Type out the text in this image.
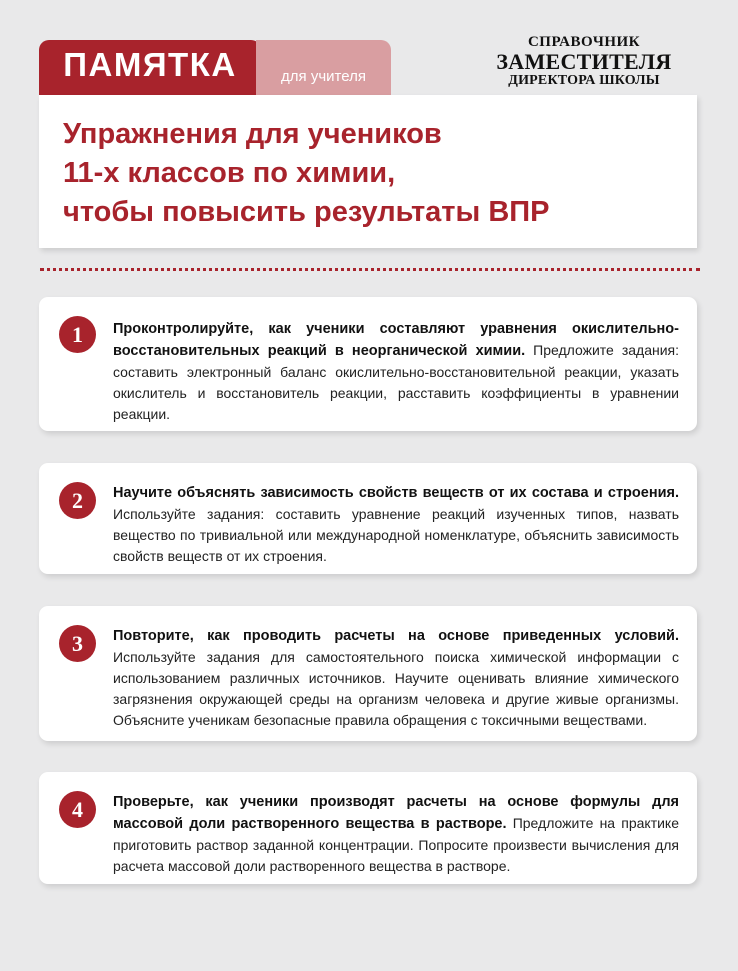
ПАМЯТКА	для учителя
СПРАВОЧНИК
ЗАМЕСТИТЕЛЯ
ДИРЕКТОРА ШКОЛЫ
Упражнения для учеников
11-х классов по химии,
чтобы повысить результаты ВПР
1	Проконтролируйте, как ученики составляют уравнения окислительно-восстановительных реакций в неорганической химии. Предложите задания: составить электронный баланс окислительно-восстановительной реакции, указать окислитель и восстановитель реакции, расставить коэффициенты в уравнении реакции.

2	Научите объяснять зависимость свойств веществ от их состава и строения. Используйте задания: составить уравнение реакций изученных типов, назвать вещество по тривиальной или международной номенклатуре, объяснить зависимость свойств веществ от их строения.

3	Повторите, как проводить расчеты на основе приведенных условий. Используйте задания для самостоятельного поиска химической информации с использованием различных источников. Научите оценивать влияние химического загрязнения окружающей среды на организм человека и другие живые организмы. Объясните ученикам безопасные правила обращения с токсичными веществами.

4	Проверьте, как ученики производят расчеты на основе формулы для массовой доли растворенного вещества в растворе. Предложите на практике приготовить раствор заданной концентрации. Попросите произвести вычисления для расчета массовой доли растворенного вещества в растворе.
